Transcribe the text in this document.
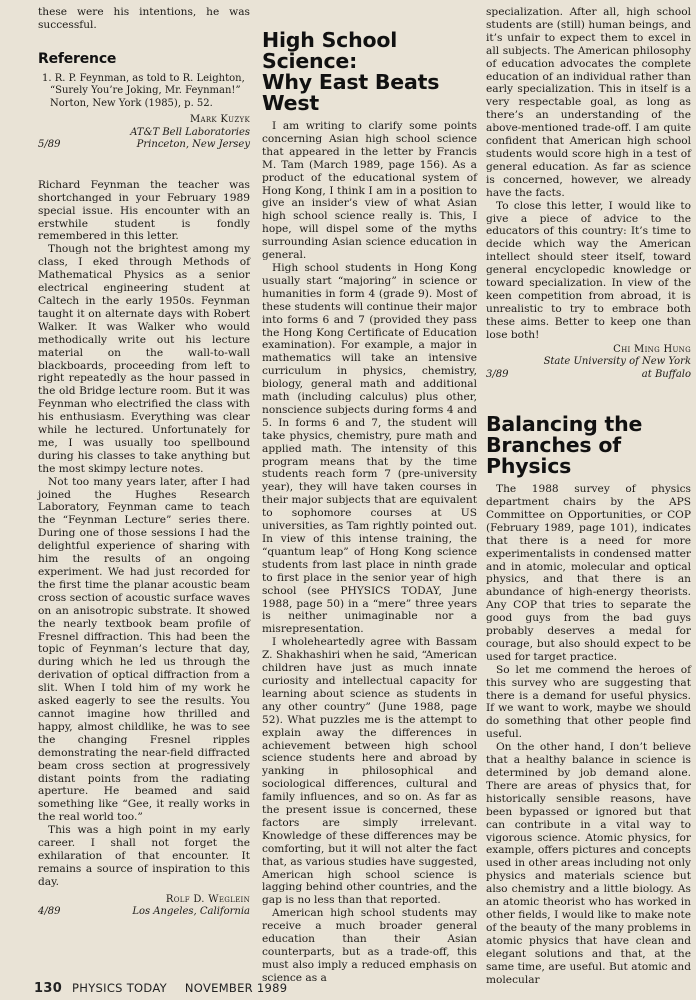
these were his intentions, he was successful.

Reference
1. R. P. Feynman, as told to R. Leighton, “Surely You’re Joking, Mr. Feynman!” Norton, New York (1985), p. 52.
Mark Kuzyk
AT&T Bell Laboratories
5/89	Princeton, New Jersey

Richard Feynman the teacher was shortchanged in your February 1989 special issue. His encounter with an erstwhile student is fondly remembered in this letter.

Though not the brightest among my class, I eked through Methods of Mathematical Physics as a senior electrical engineering student at Caltech in the early 1950s. Feynman taught it on alternate days with Robert Walker. It was Walker who would methodically write out his lecture material on the wall-to-wall blackboards, proceeding from left to right repeatedly as the hour passed in the old Bridge lecture room. But it was Feynman who electrified the class with his enthusiasm. Everything was clear while he lectured. Unfortunately for me, I was usually too spellbound during his classes to take anything but the most skimpy lecture notes.

Not too many years later, after I had joined the Hughes Research Laboratory, Feynman came to teach the “Feynman Lecture” series there. During one of those sessions I had the delightful experience of sharing with him the results of an ongoing experiment. We had just recorded for the first time the planar acoustic beam cross section of acoustic surface waves on an anisotropic substrate. It showed the nearly textbook beam profile of Fresnel diffraction. This had been the topic of Feynman’s lecture that day, during which he led us through the derivation of optical diffraction from a slit. When I told him of my work he asked eagerly to see the results. You cannot imagine how thrilled and happy, almost childlike, he was to see the changing Fresnel ripples demonstrating the near-field diffracted beam cross section at progressively distant points from the radiating aperture. He beamed and said something like “Gee, it really works in the real world too.”

This was a high point in my early career. I shall not forget the exhilaration of that encounter. It remains a source of inspiration to this day.

Rolf D. Weglein
4/89	Los Angeles, California
High School Science:
Why East Beats West

I am writing to clarify some points concerning Asian high school science that appeared in the letter by Francis M. Tam (March 1989, page 156). As a product of the educational system of Hong Kong, I think I am in a position to give an insider’s view of what Asian high school science really is. This, I hope, will dispel some of the myths surrounding Asian science education in general.

High school students in Hong Kong usually start “majoring” in science or humanities in form 4 (grade 9). Most of these students will continue their major into forms 6 and 7 (provided they pass the Hong Kong Certificate of Education examination). For example, a major in mathematics will take an intensive curriculum in physics, chemistry, biology, general math and additional math (including calculus) plus other, nonscience subjects during forms 4 and 5. In forms 6 and 7, the student will take physics, chemistry, pure math and applied math. The intensity of this program means that by the time students reach form 7 (pre-university year), they will have taken courses in their major subjects that are equivalent to sophomore courses at US universities, as Tam rightly pointed out. In view of this intense training, the “quantum leap” of Hong Kong science students from last place in ninth grade to first place in the senior year of high school (see PHYSICS TODAY, June 1988, page 50) in a “mere” three years is neither unimaginable nor a misrepresentation.

I wholeheartedly agree with Bassam Z. Shakhashiri when he said, “American children have just as much innate curiosity and intellectual capacity for learning about science as students in any other country” (June 1988, page 52). What puzzles me is the attempt to explain away the differences in achievement between high school science students here and abroad by yanking in philosophical and sociological differences, cultural and family influences, and so on. As far as the present issue is concerned, these factors are simply irrelevant. Knowledge of these differences may be comforting, but it will not alter the fact that, as various studies have suggested, American high school science is lagging behind other countries, and the gap is no less than that reported.

American high school students may receive a much broader general education than their Asian counterparts, but as a trade-off, this must also imply a reduced emphasis on science as a

specialization. After all, high school students are (still) human beings, and it’s unfair to expect them to excel in all subjects. The American philosophy of education advocates the complete education of an individual rather than early specialization. This in itself is a very respectable goal, as long as there’s an understanding of the above-mentioned trade-off. I am quite confident that American high school students would score high in a test of general education. As far as science is concerned, however, we already have the facts.

To close this letter, I would like to give a piece of advice to the educators of this country: It’s time to decide which way the American intellect should steer itself, toward general encyclopedic knowledge or toward specialization. In view of the keen competition from abroad, it is unrealistic to try to embrace both these aims. Better to keep one than lose both!

Chi Ming Hung
State University of New York
3/89	at Buffalo
Balancing the
Branches of Physics

The 1988 survey of physics department chairs by the APS Committee on Opportunities, or COP (February 1989, page 101), indicates that there is a need for more experimentalists in condensed matter and in atomic, molecular and optical physics, and that there is an abundance of high-energy theorists. Any COP that tries to separate the good guys from the bad guys probably deserves a medal for courage, but also should expect to be used for target practice.

So let me commend the heroes of this survey who are suggesting that there is a demand for useful physics. If we want to work, maybe we should do something that other people find useful.

On the other hand, I don’t believe that a healthy balance in science is determined by job demand alone. There are areas of physics that, for historically sensible reasons, have been bypassed or ignored but that can contribute in a vital way to vigorous science. Atomic physics, for example, offers pictures and concepts used in other areas including not only physics and materials science but also chemistry and a little biology. As an atomic theorist who has worked in other fields, I would like to make note of the beauty of the many problems in atomic physics that have clean and elegant solutions and that, at the same time, are useful. But atomic and molecular

130 PHYSICS TODAY NOVEMBER 1989
